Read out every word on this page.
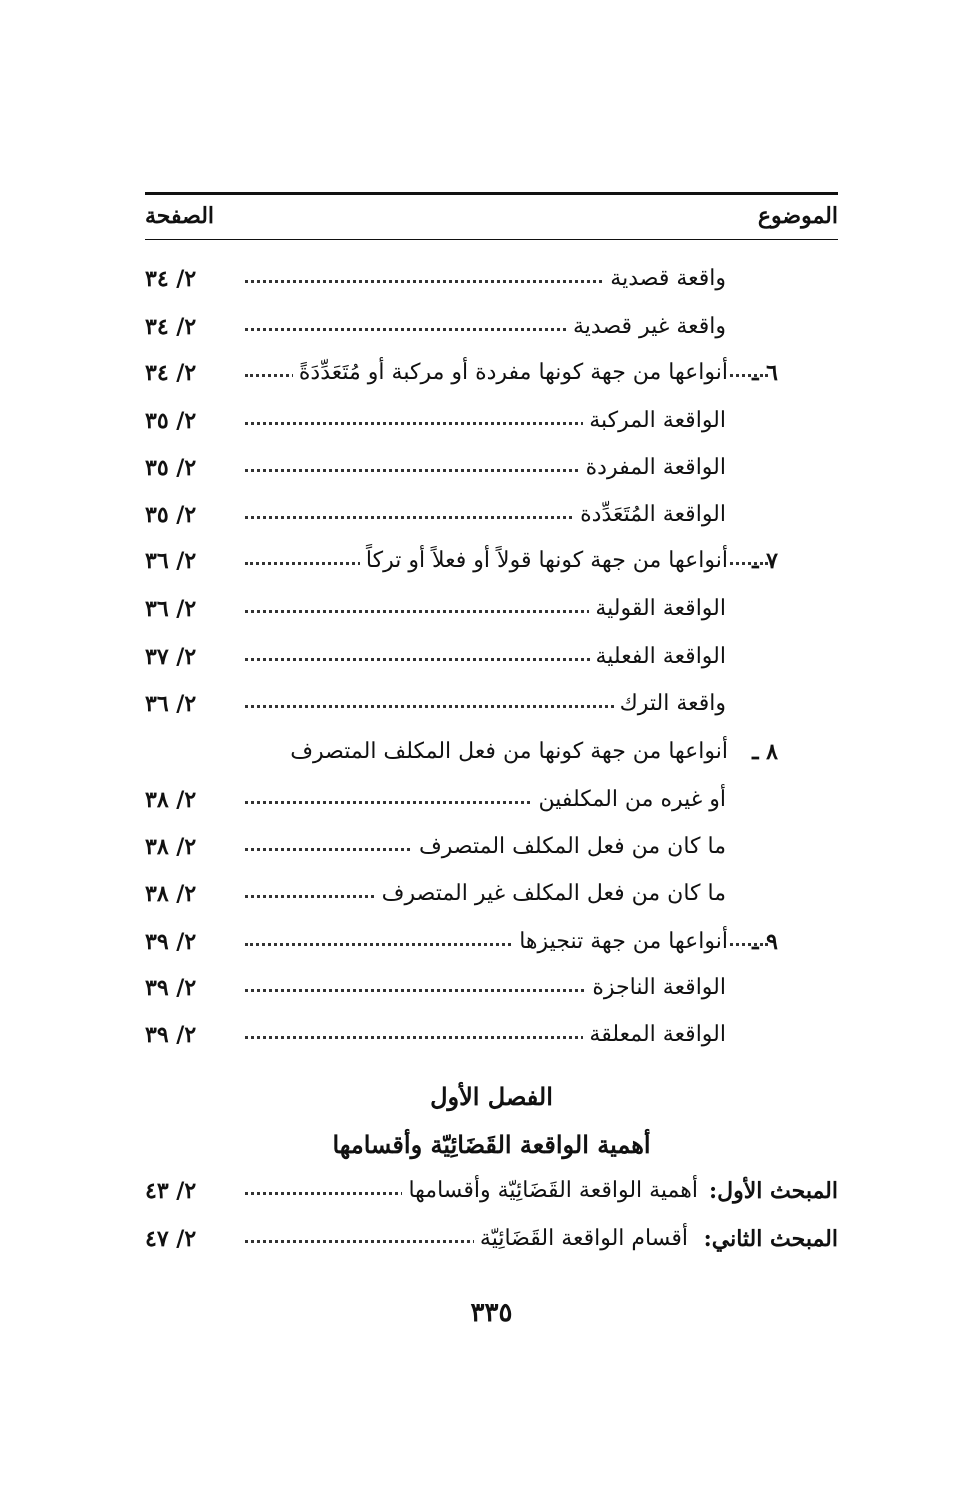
الموضوع
الصفحة
واقعة قصدية
٢/ ٣٤
واقعة غير قصدية
٢/ ٣٤
٦ ـ
أنواعها من جهة كونها مفردة أو مركبة أو مُتَعَدِّدَةً
٢/ ٣٤
الواقعة المركبة
٢/ ٣٥
الواقعة المفردة
٢/ ٣٥
الواقعة المُتَعَدِّدة
٢/ ٣٥
٧ ـ
أنواعها من جهة كونها قولاً أو فعلاً أو تركاً
٢/ ٣٦
الواقعة القولية
٢/ ٣٦
الواقعة الفعلية
٢/ ٣٧
واقعة الترك
٢/ ٣٦
٨ ـ
أنواعها من جهة كونها من فعل المكلف المتصرف
أو غيره من المكلفين
٢/ ٣٨
ما كان من فعل المكلف المتصرف
٢/ ٣٨
ما كان من فعل المكلف غير المتصرف
٢/ ٣٨
٩ ـ
أنواعها من جهة تنجيزها
٢/ ٣٩
الواقعة الناجزة
٢/ ٣٩
الواقعة المعلقة
٢/ ٣٩
الفصل الأول
أهمية الواقعة القَضَائِيّة وأقسامها
المبحث الأول:
أهمية الواقعة القَضَائِيّة وأقسامها
٢/ ٤٣
المبحث الثاني:
أقسام الواقعة القَضَائِيّة
٢/ ٤٧
٣٣٥
